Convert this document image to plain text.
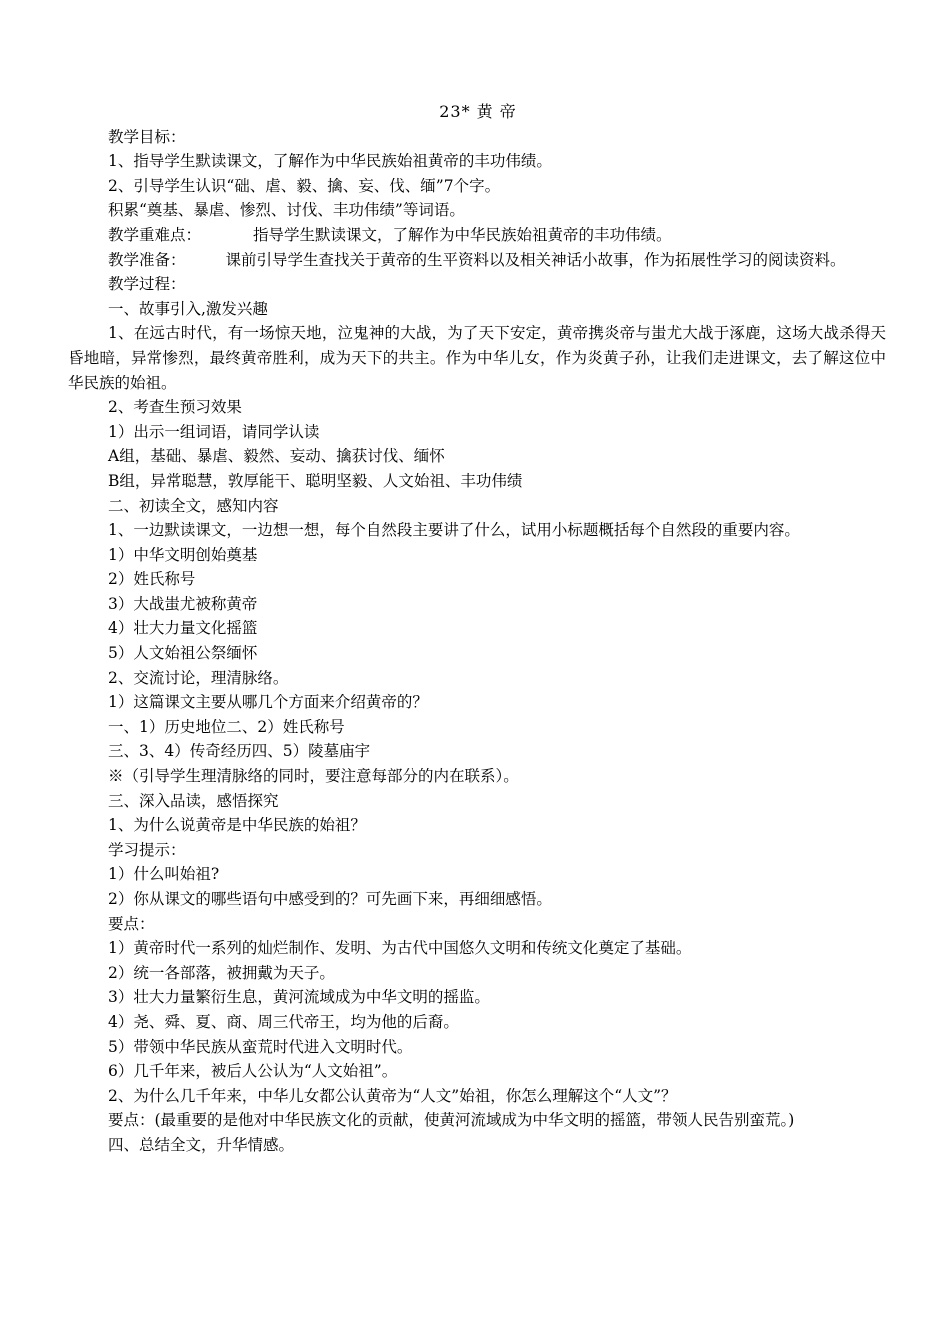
23* 黄 帝

教学目标：

1、指导学生默读课文，了解作为中华民族始祖黄帝的丰功伟绩。

2、引导学生认识“础、虐、毅、擒、妄、伐、缅”7个字。

积累“奠基、暴虐、惨烈、讨伐、丰功伟绩”等词语。

教学重难点：	指导学生默读课文，了解作为中华民族始祖黄帝的丰功伟绩。

教学准备：	课前引导学生查找关于黄帝的生平资料以及相关神话小故事，作为拓展性学习的阅读资料。

教学过程：

一、故事引入,激发兴趣

1、在远古时代，有一场惊天地，泣鬼神的大战，为了天下安定，黄帝携炎帝与蚩尤大战于涿鹿，这场大战杀得天昏地暗，异常惨烈，最终黄帝胜利，成为天下的共主。作为中华儿女，作为炎黄子孙，让我们走进课文，去了解这位中华民族的始祖。

2、考查生预习效果

1）出示一组词语，请同学认读

A组，基础、暴虐、毅然、妄动、擒获讨伐、缅怀

B组，异常聪慧，敦厚能干、聪明坚毅、人文始祖、丰功伟绩

二、初读全文，感知内容

1、一边默读课文，一边想一想，每个自然段主要讲了什么，试用小标题概括每个自然段的重要内容。

1）中华文明创始奠基

2）姓氏称号

3）大战蚩尤被称黄帝

4）壮大力量文化摇篮

5）人文始祖公祭缅怀

2、交流讨论，理清脉络。

1）这篇课文主要从哪几个方面来介绍黄帝的？

一、1）历史地位二、2）姓氏称号

三、3、4）传奇经历四、5）陵墓庙宇

※（引导学生理清脉络的同时，要注意每部分的内在联系）。

三、深入品读，感悟探究

1、为什么说黄帝是中华民族的始祖？

学习提示：

1）什么叫始祖?

2）你从课文的哪些语句中感受到的？可先画下来，再细细感悟。

要点：

1）黄帝时代一系列的灿烂制作、发明、为古代中国悠久文明和传统文化奠定了基础。

2）统一各部落，被拥戴为天子。

3）壮大力量繁衍生息，黄河流域成为中华文明的摇监。

4）尧、舜、夏、商、周三代帝王，均为他的后裔。

5）带领中华民族从蛮荒时代进入文明时代。

6）几千年来，被后人公认为“人文始祖”。

2、为什么几千年来，中华儿女都公认黄帝为“人文”始祖，你怎么理解这个“人文”？

要点：(最重要的是他对中华民族文化的贡献，使黄河流域成为中华文明的摇篮，带领人民告别蛮荒。)

四、总结全文，升华情感。
